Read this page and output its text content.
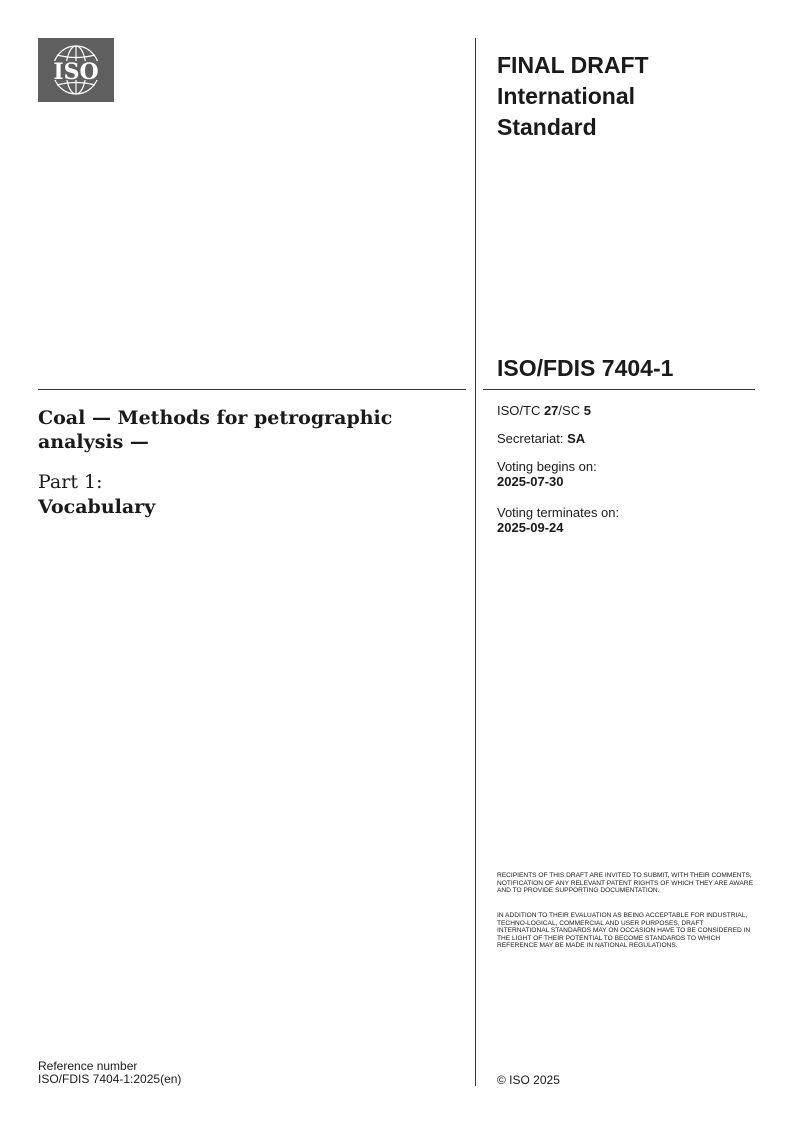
ISO	FINAL DRAFT
International
Standard
ISO/FDIS 7404-1
Coal — Methods for petrographic analysis —
Part 1:
Vocabulary
ISO/TC 27/SC 5
Secretariat: SA
Voting begins on:
2025-07-30
Voting terminates on:
2025-09-24
RECIPIENTS OF THIS DRAFT ARE INVITED TO SUBMIT, WITH THEIR COMMENTS, NOTIFICATION OF ANY RELEVANT PATENT RIGHTS OF WHICH THEY ARE AWARE AND TO PROVIDE SUPPORTING DOCUMENTATION.
IN ADDITION TO THEIR EVALUATION AS BEING ACCEPTABLE FOR INDUSTRIAL, TECHNO-LOGICAL, COMMERCIAL AND USER PURPOSES, DRAFT INTERNATIONAL STANDARDS MAY ON OCCASION HAVE TO BE CONSIDERED IN THE LIGHT OF THEIR POTENTIAL TO BECOME STANDARDS TO WHICH REFERENCE MAY BE MADE IN NATIONAL REGULATIONS.
Reference number
ISO/FDIS 7404-1:2025(en)	© ISO 2025
